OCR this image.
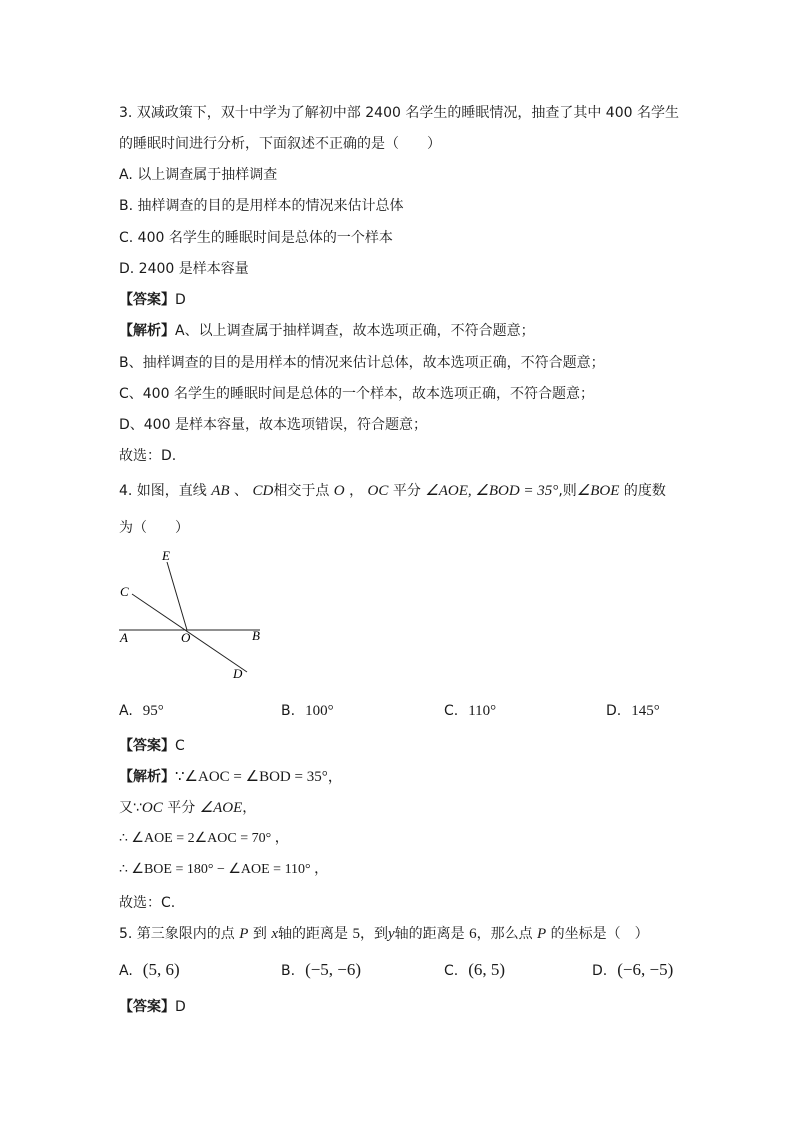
3. 双减政策下，双十中学为了解初中部 2400 名学生的睡眠情况，抽查了其中 400 名学生
的睡眠时间进行分析，下面叙述不正确的是（　　）
A. 以上调查属于抽样调查
B. 抽样调查的目的是用样本的情况来估计总体
C. 400 名学生的睡眠时间是总体的一个样本
D. 2400 是样本容量
【答案】D
【解析】A、以上调查属于抽样调查，故本选项正确，不符合题意；
B、抽样调查的目的是用样本的情况来估计总体，故本选项正确，不符合题意；
C、400 名学生的睡眠时间是总体的一个样本，故本选项正确，不符合题意；
D、400 是样本容量，故本选项错误，符合题意；
故选：D.
4. 如图，直线 AB 、 CD相交于点 O ， OC 平分 ∠AOE, ∠BOD = 35°,则∠BOE 的度数
为（　　）
E
C
A	O	B
D
A. 95°	B. 100°	C. 110°	D. 145°
【答案】C
【解析】∵∠AOC = ∠BOD = 35°，
又∵OC 平分 ∠AOE，
∴ ∠AOE = 2∠AOC = 70° ，
∴ ∠BOE = 180° − ∠AOE = 110° ，
故选：C.
5. 第三象限内的点 P 到 x轴的距离是 5，到y轴的距离是 6，那么点 P 的坐标是（　）
A. (5, 6)	B. (−5, −6)	C. (6, 5)	D. (−6, −5)
【答案】D
